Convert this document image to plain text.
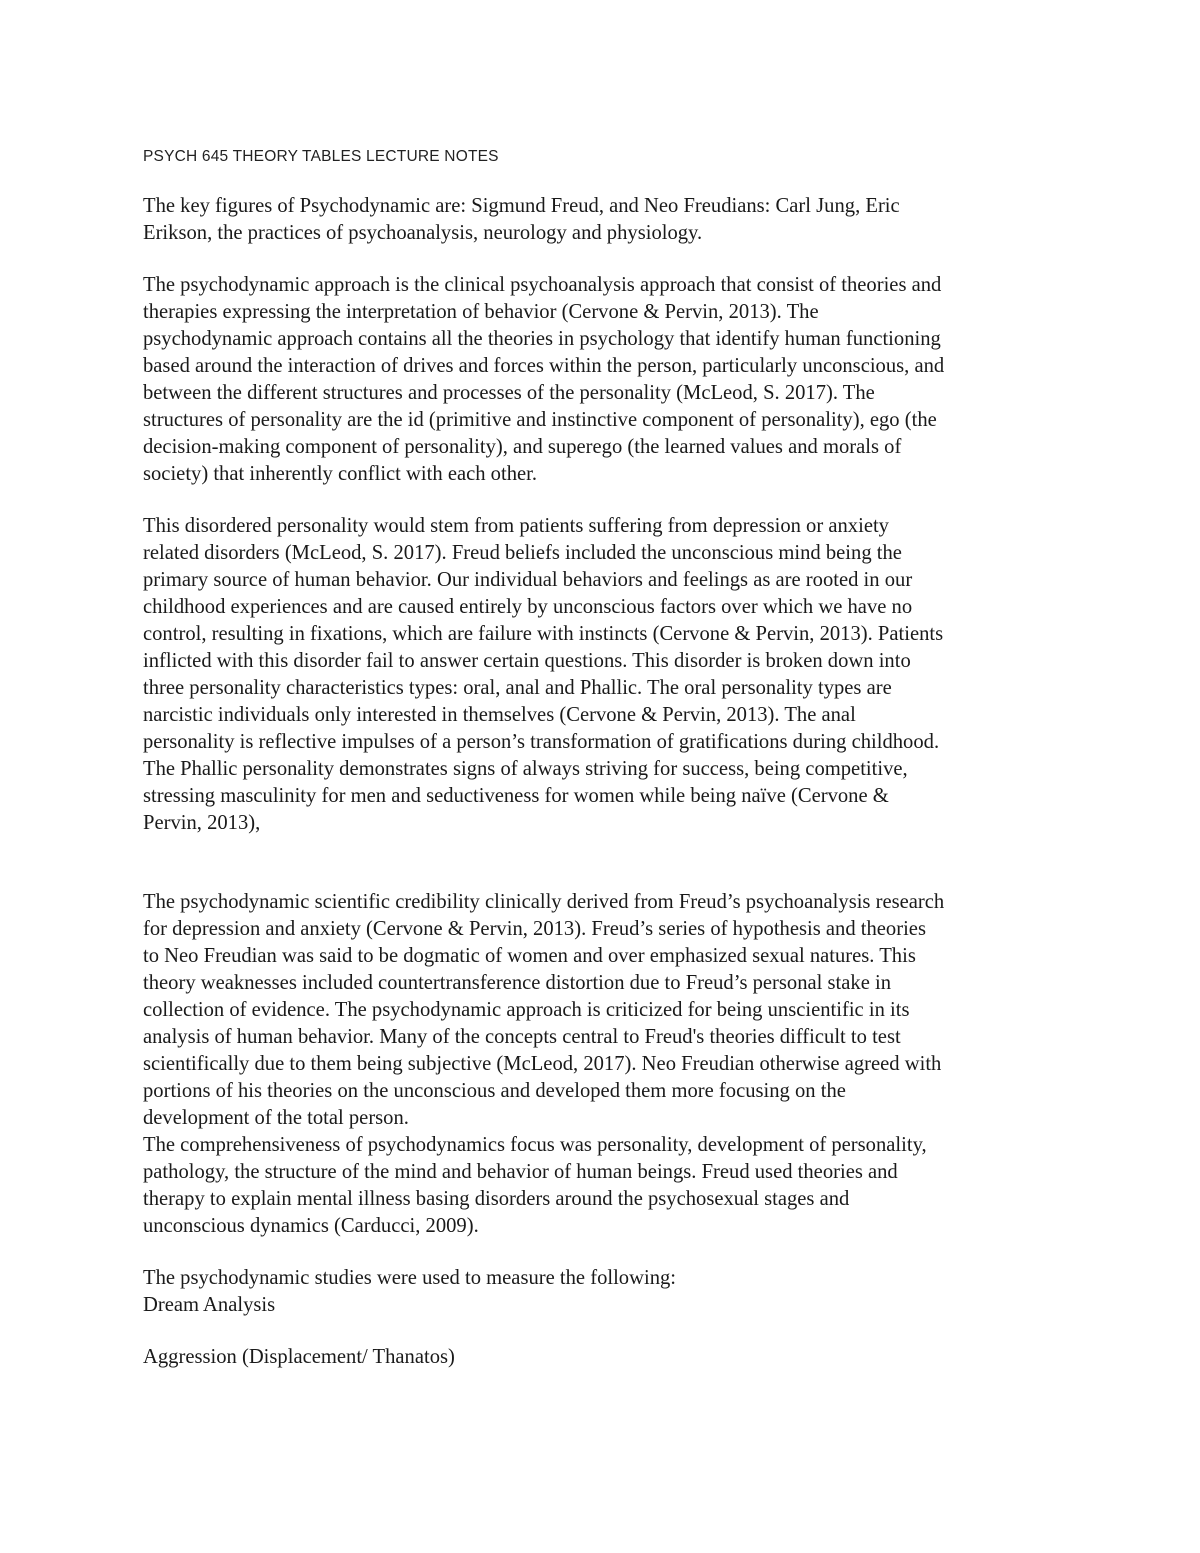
PSYCH 645 THEORY TABLES LECTURE NOTES

The key figures of Psychodynamic are: Sigmund Freud, and Neo Freudians: Carl Jung, Eric
Erikson, the practices of psychoanalysis, neurology and physiology.

The psychodynamic approach is the clinical psychoanalysis approach that consist of theories and
therapies expressing the interpretation of behavior (Cervone & Pervin, 2013). The
psychodynamic approach contains all the theories in psychology that identify human functioning
based around the interaction of drives and forces within the person, particularly unconscious, and
between the different structures and processes of the personality (McLeod, S. 2017). The
structures of personality are the id (primitive and instinctive component of personality), ego (the
decision-making component of personality), and superego (the learned values and morals of
society) that inherently conflict with each other.

This disordered personality would stem from patients suffering from depression or anxiety
related disorders (McLeod, S. 2017). Freud beliefs included the unconscious mind being the
primary source of human behavior. Our individual behaviors and feelings as are rooted in our
childhood experiences and are caused entirely by unconscious factors over which we have no
control, resulting in fixations, which are failure with instincts (Cervone & Pervin, 2013). Patients
inflicted with this disorder fail to answer certain questions. This disorder is broken down into
three personality characteristics types: oral, anal and Phallic. The oral personality types are
narcistic individuals only interested in themselves (Cervone & Pervin, 2013). The anal
personality is reflective impulses of a person’s transformation of gratifications during childhood.
The Phallic personality demonstrates signs of always striving for success, being competitive,
stressing masculinity for men and seductiveness for women while being naïve (Cervone &
Pervin, 2013),

The psychodynamic scientific credibility clinically derived from Freud’s psychoanalysis research
for depression and anxiety (Cervone & Pervin, 2013). Freud’s series of hypothesis and theories
to Neo Freudian was said to be dogmatic of women and over emphasized sexual natures. This
theory weaknesses included countertransference distortion due to Freud’s personal stake in
collection of evidence. The psychodynamic approach is criticized for being unscientific in its
analysis of human behavior. Many of the concepts central to Freud's theories difficult to test
scientifically due to them being subjective (McLeod, 2017). Neo Freudian otherwise agreed with
portions of his theories on the unconscious and developed them more focusing on the
development of the total person.

The comprehensiveness of psychodynamics focus was personality, development of personality,
pathology, the structure of the mind and behavior of human beings. Freud used theories and
therapy to explain mental illness basing disorders around the psychosexual stages and
unconscious dynamics (Carducci, 2009).

The psychodynamic studies were used to measure the following:
Dream Analysis

Aggression (Displacement/ Thanatos)
